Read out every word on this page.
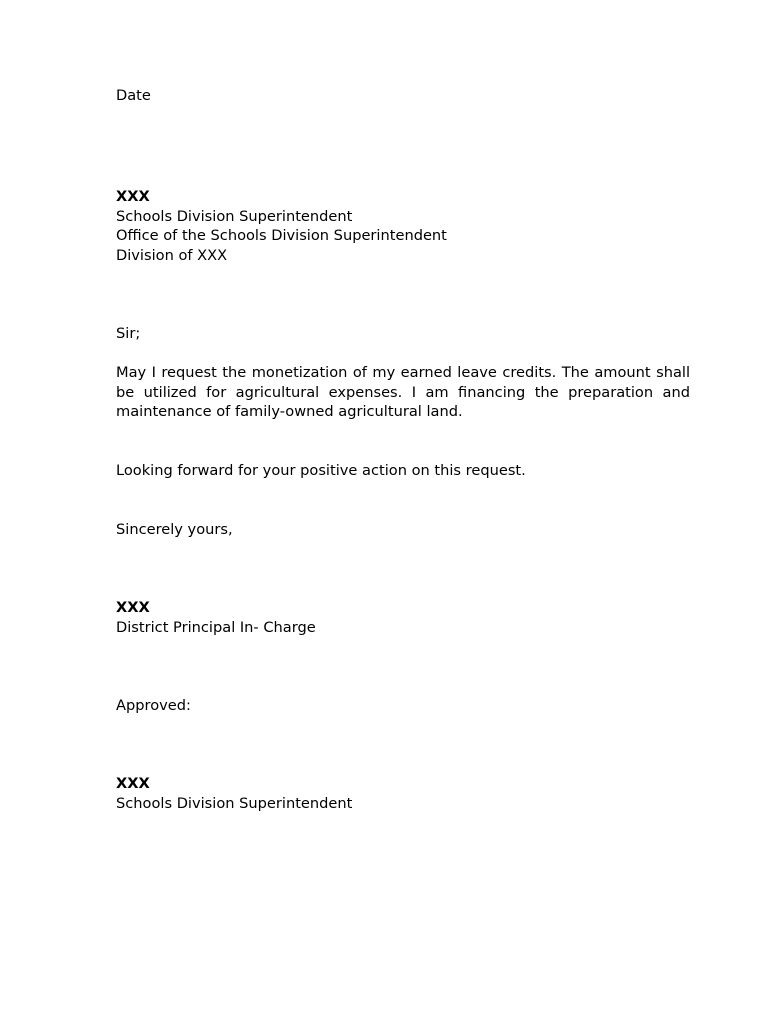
Date
XXX
Schools Division Superintendent
Office of the Schools Division Superintendent
Division of XXX
Sir;
May I request the monetization of my earned leave credits. The amount shall be utilized for agricultural expenses. I am financing the preparation and maintenance of family-owned agricultural land.
Looking forward for your positive action on this request.
Sincerely yours,
XXX
District Principal In- Charge
Approved:
XXX
Schools Division Superintendent
